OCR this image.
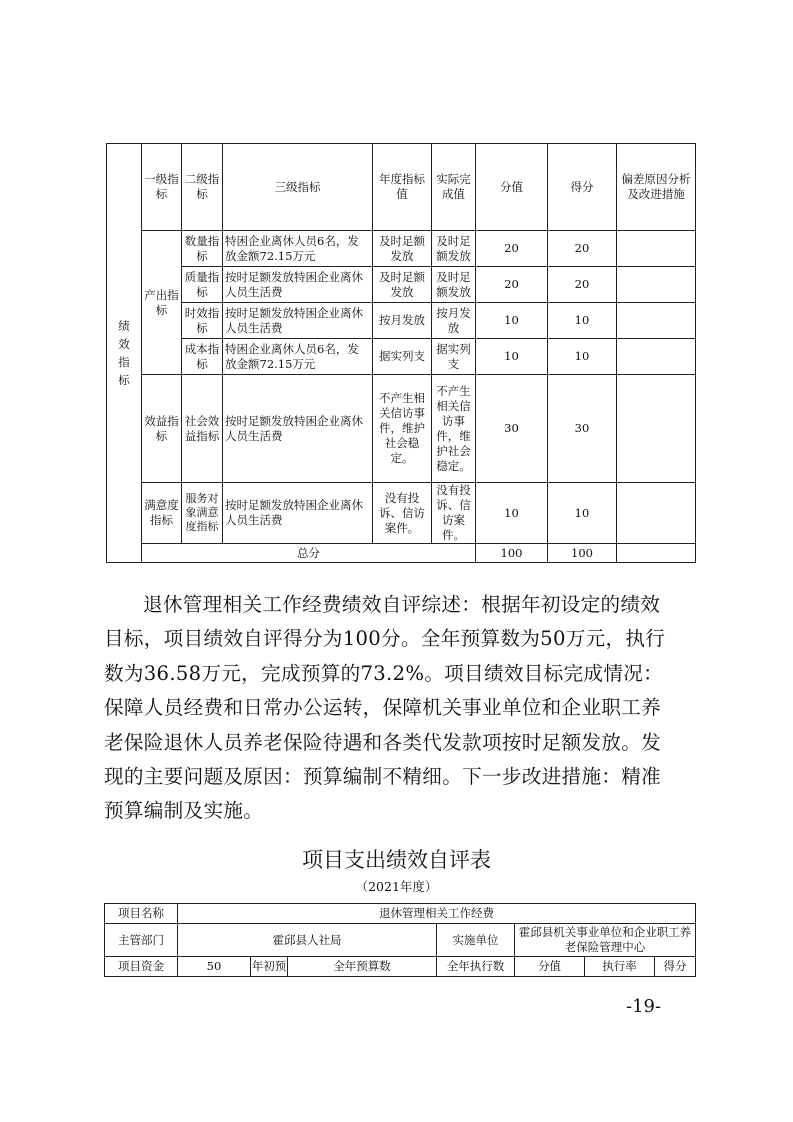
绩效指标	一级指标	二级指标	三级指标	年度指标值	实际完成值	分值	得分	偏差原因分析及改进措施
	产出指标	数量指标	特困企业离休人员6名，发放金额72.15万元	及时足额发放	及时足额发放	20	20	
		质量指标	按时足额发放特困企业离休人员生活费	及时足额发放	及时足额发放	20	20	
		时效指标	按时足额发放特困企业离休人员生活费	按月发放	按月发放	10	10	
		成本指标	特困企业离休人员6名，发放金额72.15万元	据实列支	据实列支	10	10	
	效益指标	社会效益指标	按时足额发放特困企业离休人员生活费	不产生相关信访事件，维护社会稳定。	不产生相关信访事件，维护社会稳定。	30	30	
	满意度指标	服务对象满意度指标	按时足额发放特困企业离休人员生活费	没有投诉、信访案件。	没有投诉、信访案件。	10	10	
	总分					100	100	

退休管理相关工作经费绩效自评综述：根据年初设定的绩效
目标，项目绩效自评得分为100分。全年预算数为50万元，执行
数为36.58万元，完成预算的73.2%。项目绩效目标完成情况：
保障人员经费和日常办公运转，保障机关事业单位和企业职工养
老保险退休人员养老保险待遇和各类代发款项按时足额发放。发
现的主要问题及原因：预算编制不精细。下一步改进措施：精准
预算编制及实施。

项目支出绩效自评表

（2021年度）

项目名称	退休管理相关工作经费						
主管部门	霍邱县人社局			实施单位	霍邱县机关事业单位和企业职工养老保险管理中心		
项目资金	50	年初预	全年预算数	全年执行数	分值	执行率	得分

-19-
